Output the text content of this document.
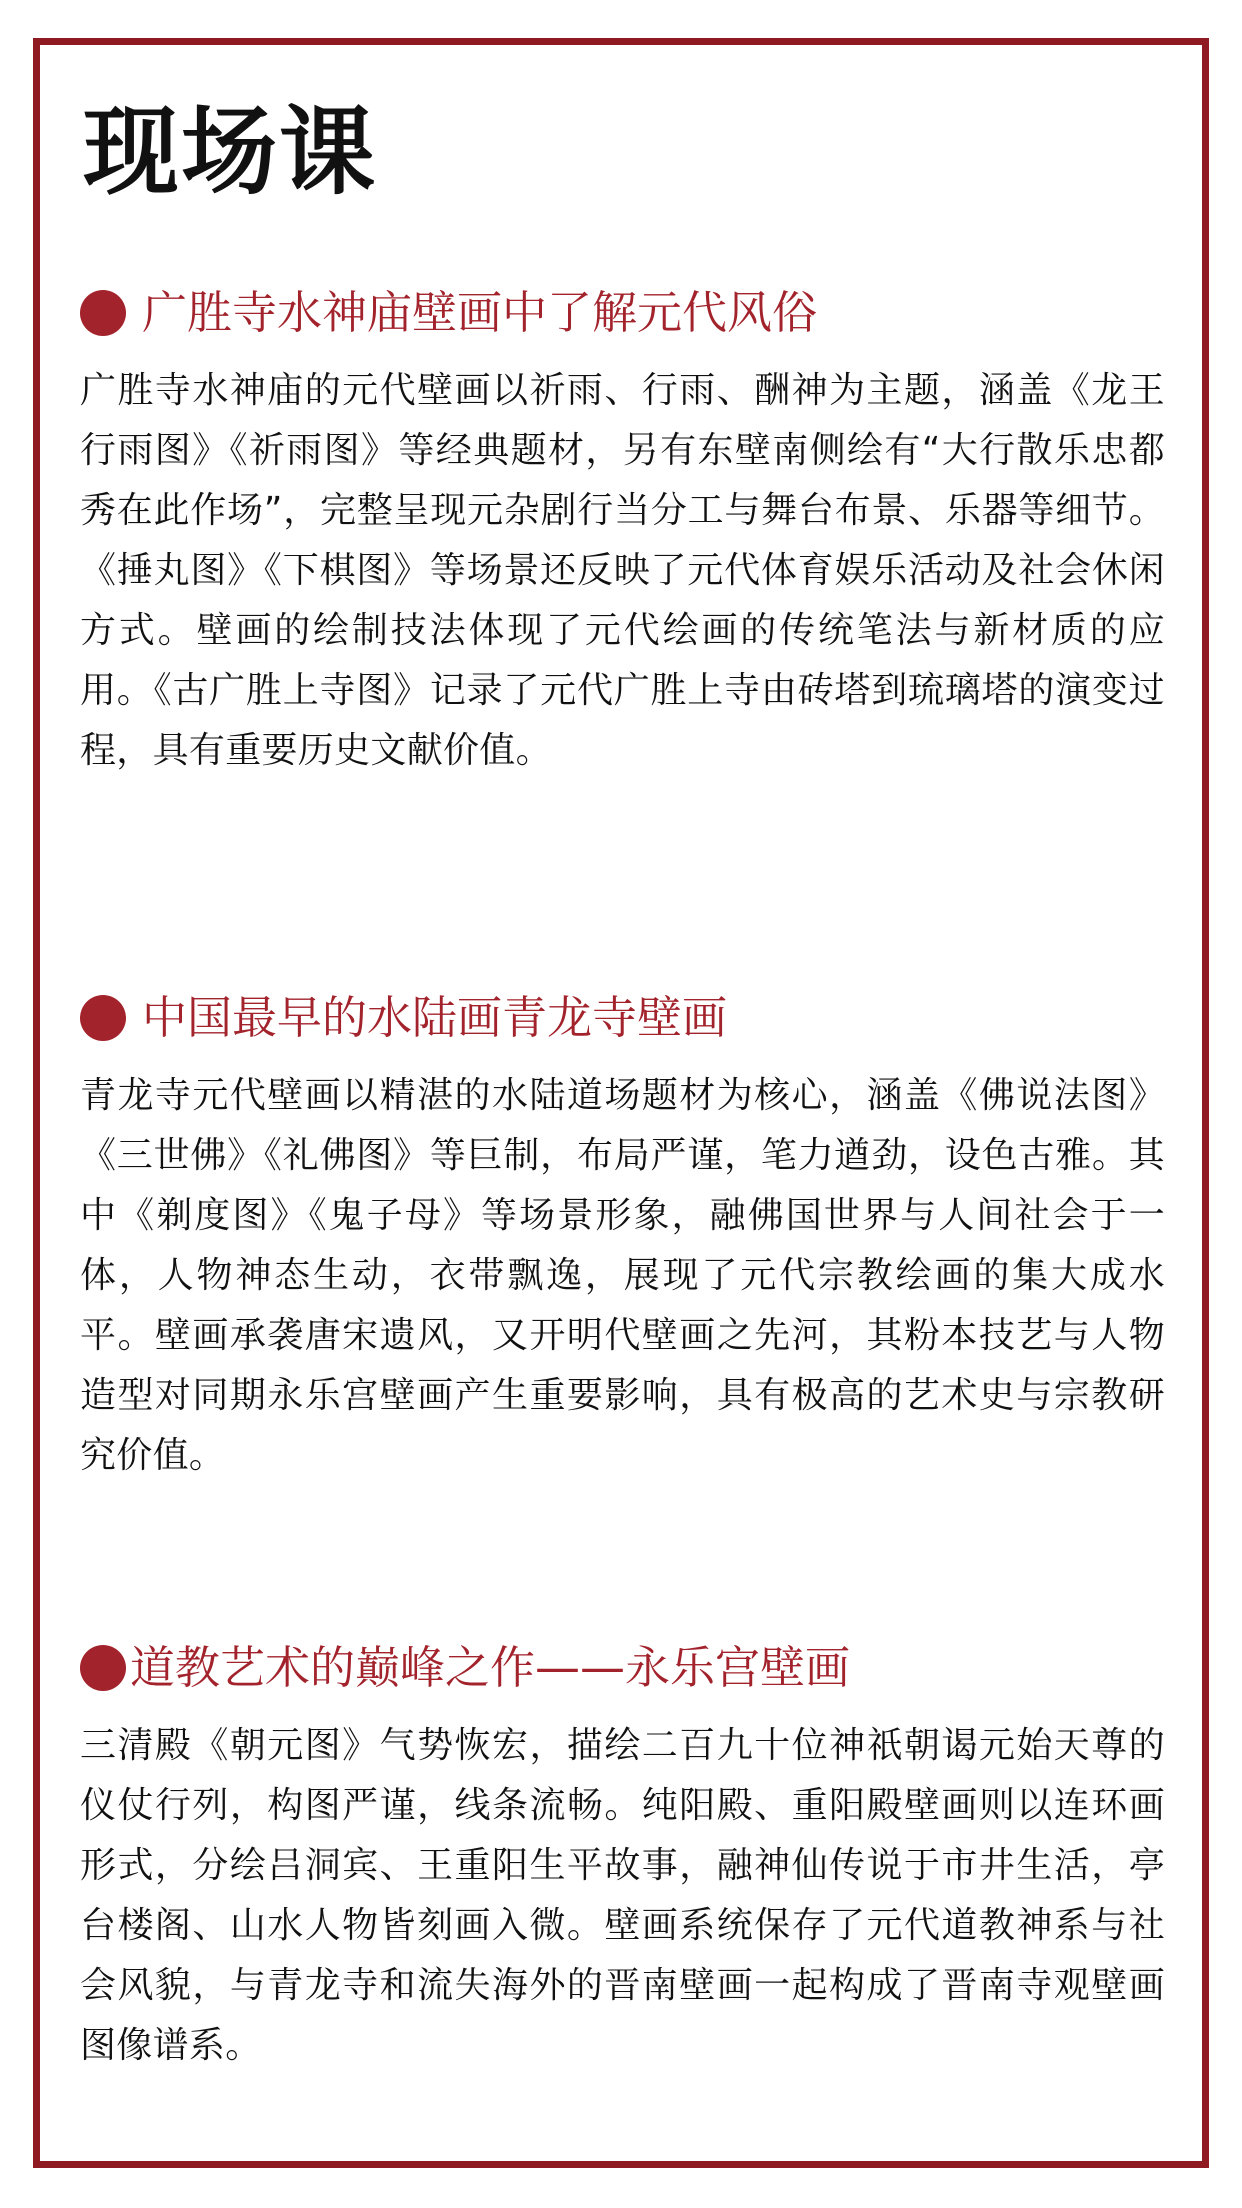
现场课
广胜寺水神庙壁画中了解元代风俗

广胜寺水神庙的元代壁画以祈雨、行雨、酬神为主题，涵盖《龙王行雨图》《祈雨图》等经典题材，另有东壁南侧绘有“大行散乐忠都秀在此作场”，完整呈现元杂剧行当分工与舞台布景、乐器等细节。《捶丸图》《下棋图》等场景还反映了元代体育娱乐活动及社会休闲方式。壁画的绘制技法体现了元代绘画的传统笔法与新材质的应用。《古广胜上寺图》记录了元代广胜上寺由砖塔到琉璃塔的演变过程，具有重要历史文献价值。

中国最早的水陆画青龙寺壁画

青龙寺元代壁画以精湛的水陆道场题材为核心，涵盖《佛说法图》《三世佛》《礼佛图》等巨制，布局严谨，笔力遒劲，设色古雅。其中《剃度图》《鬼子母》等场景形象，融佛国世界与人间社会于一体，人物神态生动，衣带飘逸，展现了元代宗教绘画的集大成水平。壁画承袭唐宋遗风，又开明代壁画之先河，其粉本技艺与人物造型对同期永乐宫壁画产生重要影响，具有极高的艺术史与宗教研究价值。

道教艺术的巅峰之作——永乐宫壁画

三清殿《朝元图》气势恢宏，描绘二百九十位神祇朝谒元始天尊的仪仗行列，构图严谨，线条流畅。纯阳殿、重阳殿壁画则以连环画形式，分绘吕洞宾、王重阳生平故事，融神仙传说于市井生活，亭台楼阁、山水人物皆刻画入微。壁画系统保存了元代道教神系与社会风貌，与青龙寺和流失海外的晋南壁画一起构成了晋南寺观壁画图像谱系。
